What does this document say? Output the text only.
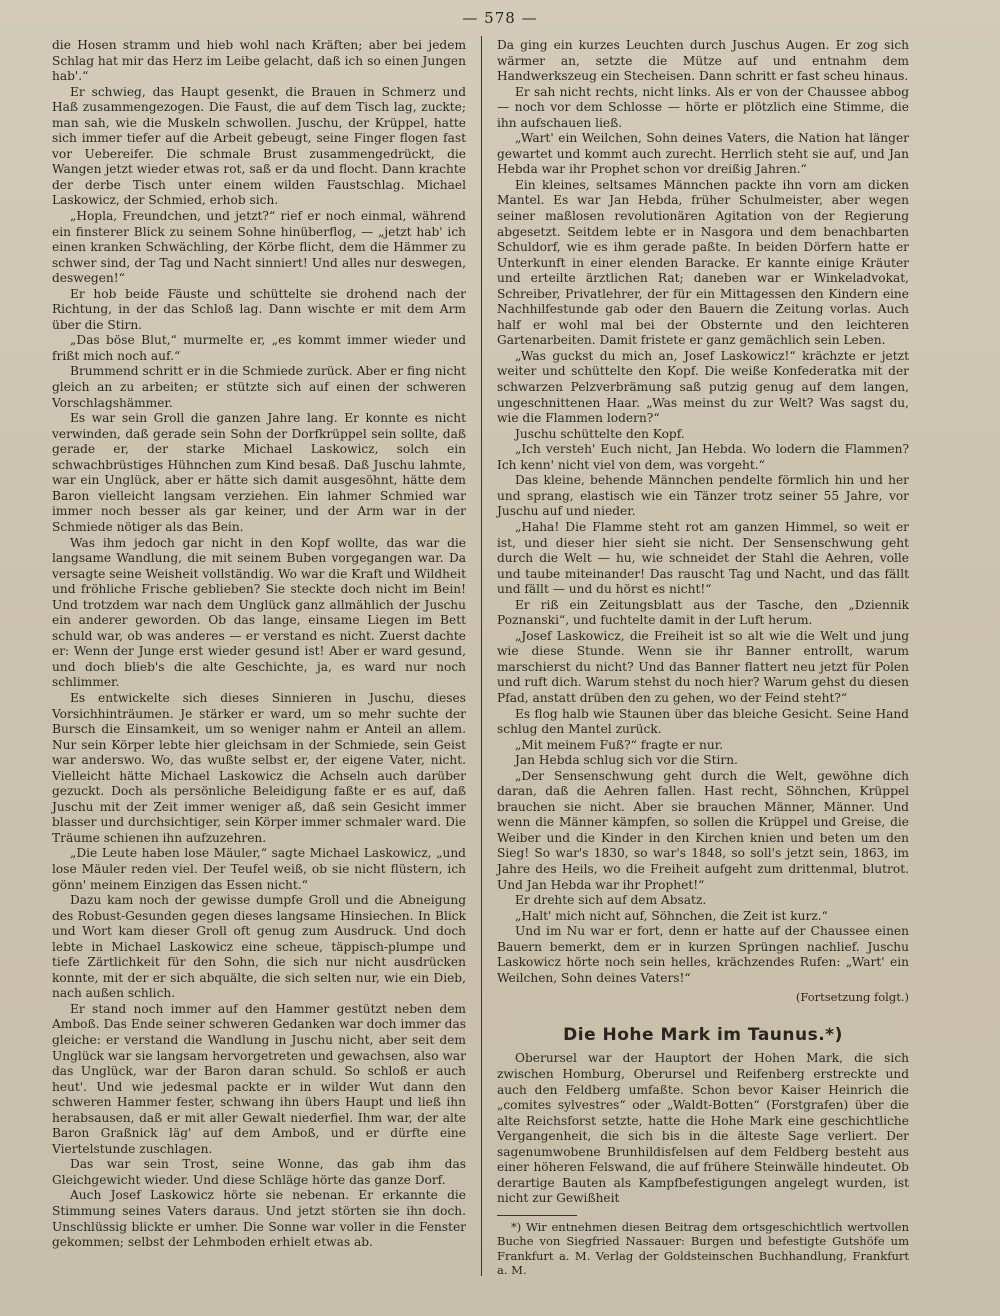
— 578 —

die Hosen stramm und hieb wohl nach Kräften; aber bei jedem Schlag hat mir das Herz im Leibe gelacht, daß ich so einen Jungen hab'.“

Er schwieg, das Haupt gesenkt, die Brauen in Schmerz und Haß zusammengezogen. Die Faust, die auf dem Tisch lag, zuckte; man sah, wie die Muskeln schwollen. Juschu, der Krüppel, hatte sich immer tiefer auf die Arbeit gebeugt, seine Finger flogen fast vor Uebereifer. Die schmale Brust zusammengedrückt, die Wangen jetzt wieder etwas rot, saß er da und flocht. Dann krachte der derbe Tisch unter einem wilden Faustschlag. Michael Laskowicz, der Schmied, erhob sich.

„Hopla, Freundchen, und jetzt?“ rief er noch einmal, während ein finsterer Blick zu seinem Sohne hinüberflog, — „jetzt hab' ich einen kranken Schwächling, der Körbe flicht, dem die Hämmer zu schwer sind, der Tag und Nacht sinniert! Und alles nur deswegen, deswegen!“

Er hob beide Fäuste und schüttelte sie drohend nach der Richtung, in der das Schloß lag. Dann wischte er mit dem Arm über die Stirn.

„Das böse Blut,“ murmelte er, „es kommt immer wieder und frißt mich noch auf.“

Brummend schritt er in die Schmiede zurück. Aber er fing nicht gleich an zu arbeiten; er stützte sich auf einen der schweren Vorschlagshämmer.

Es war sein Groll die ganzen Jahre lang. Er konnte es nicht verwinden, daß gerade sein Sohn der Dorfkrüppel sein sollte, daß gerade er, der starke Michael Laskowicz, solch ein schwachbrüstiges Hühnchen zum Kind besaß. Daß Juschu lahmte, war ein Unglück, aber er hätte sich damit ausgesöhnt, hätte dem Baron vielleicht langsam verziehen. Ein lahmer Schmied war immer noch besser als gar keiner, und der Arm war in der Schmiede nötiger als das Bein.

Was ihm jedoch gar nicht in den Kopf wollte, das war die langsame Wandlung, die mit seinem Buben vorgegangen war. Da versagte seine Weisheit vollständig. Wo war die Kraft und Wildheit und fröhliche Frische geblieben? Sie steckte doch nicht im Bein! Und trotzdem war nach dem Unglück ganz allmählich der Juschu ein anderer geworden. Ob das lange, einsame Liegen im Bett schuld war, ob was anderes — er verstand es nicht. Zuerst dachte er: Wenn der Junge erst wieder gesund ist! Aber er ward gesund, und doch blieb's die alte Geschichte, ja, es ward nur noch schlimmer.

Es entwickelte sich dieses Sinnieren in Juschu, dieses Vorsichhinträumen. Je stärker er ward, um so mehr suchte der Bursch die Einsamkeit, um so weniger nahm er Anteil an allem. Nur sein Körper lebte hier gleichsam in der Schmiede, sein Geist war anderswo. Wo, das wußte selbst er, der eigene Vater, nicht. Vielleicht hätte Michael Laskowicz die Achseln auch darüber gezuckt. Doch als persönliche Beleidigung faßte er es auf, daß Juschu mit der Zeit immer weniger aß, daß sein Gesicht immer blasser und durchsichtiger, sein Körper immer schmaler ward. Die Träume schienen ihn aufzuzehren.

„Die Leute haben lose Mäuler,“ sagte Michael Laskowicz, „und lose Mäuler reden viel. Der Teufel weiß, ob sie nicht flüstern, ich gönn' meinem Einzigen das Essen nicht.“

Dazu kam noch der gewisse dumpfe Groll und die Abneigung des Robust-Gesunden gegen dieses langsame Hinsiechen. In Blick und Wort kam dieser Groll oft genug zum Ausdruck. Und doch lebte in Michael Laskowicz eine scheue, täppisch-plumpe und tiefe Zärtlichkeit für den Sohn, die sich nur nicht ausdrücken konnte, mit der er sich abquälte, die sich selten nur, wie ein Dieb, nach außen schlich.

Er stand noch immer auf den Hammer gestützt neben dem Amboß. Das Ende seiner schweren Gedanken war doch immer das gleiche: er verstand die Wandlung in Juschu nicht, aber seit dem Unglück war sie langsam hervorgetreten und gewachsen, also war das Unglück, war der Baron daran schuld. So schloß er auch heut'. Und wie jedesmal packte er in wilder Wut dann den schweren Hammer fester, schwang ihn übers Haupt und ließ ihn herabsausen, daß er mit aller Gewalt niederfiel. Ihm war, der alte Baron Graßnick läg' auf dem Amboß, und er dürfte eine Viertelstunde zuschlagen.

Das war sein Trost, seine Wonne, das gab ihm das Gleichgewicht wieder. Und diese Schläge hörte das ganze Dorf.

Auch Josef Laskowicz hörte sie nebenan. Er erkannte die Stimmung seines Vaters daraus. Und jetzt störten sie ihn doch. Unschlüssig blickte er umher. Die Sonne war voller in die Fenster gekommen; selbst der Lehmboden erhielt etwas ab.

Da ging ein kurzes Leuchten durch Juschus Augen. Er zog sich wärmer an, setzte die Mütze auf und entnahm dem Handwerkszeug ein Stecheisen. Dann schritt er fast scheu hinaus.

Er sah nicht rechts, nicht links. Als er von der Chaussee abbog — noch vor dem Schlosse — hörte er plötzlich eine Stimme, die ihn aufschauen ließ.

„Wart' ein Weilchen, Sohn deines Vaters, die Nation hat länger gewartet und kommt auch zurecht. Herrlich steht sie auf, und Jan Hebda war ihr Prophet schon vor dreißig Jahren.“

Ein kleines, seltsames Männchen packte ihn vorn am dicken Mantel. Es war Jan Hebda, früher Schulmeister, aber wegen seiner maßlosen revolutionären Agitation von der Regierung abgesetzt. Seitdem lebte er in Nasgora und dem benachbarten Schuldorf, wie es ihm gerade paßte. In beiden Dörfern hatte er Unterkunft in einer elenden Baracke. Er kannte einige Kräuter und erteilte ärztlichen Rat; daneben war er Winkeladvokat, Schreiber, Privatlehrer, der für ein Mittagessen den Kindern eine Nachhilfestunde gab oder den Bauern die Zeitung vorlas. Auch half er wohl mal bei der Obsternte und den leichteren Gartenarbeiten. Damit fristete er ganz gemächlich sein Leben.

„Was guckst du mich an, Josef Laskowicz!“ krächzte er jetzt weiter und schüttelte den Kopf. Die weiße Konfederatka mit der schwarzen Pelzverbrämung saß putzig genug auf dem langen, ungeschnittenen Haar. „Was meinst du zur Welt? Was sagst du, wie die Flammen lodern?“

Juschu schüttelte den Kopf.

„Ich versteh' Euch nicht, Jan Hebda. Wo lodern die Flammen? Ich kenn' nicht viel von dem, was vorgeht.“

Das kleine, behende Männchen pendelte förmlich hin und her und sprang, elastisch wie ein Tänzer trotz seiner 55 Jahre, vor Juschu auf und nieder.

„Haha! Die Flamme steht rot am ganzen Himmel, so weit er ist, und dieser hier sieht sie nicht. Der Sensenschwung geht durch die Welt — hu, wie schneidet der Stahl die Aehren, volle und taube miteinander! Das rauscht Tag und Nacht, und das fällt und fällt — und du hörst es nicht!“

Er riß ein Zeitungsblatt aus der Tasche, den „Dziennik Poznanski“, und fuchtelte damit in der Luft herum.

„Josef Laskowicz, die Freiheit ist so alt wie die Welt und jung wie diese Stunde. Wenn sie ihr Banner entrollt, warum marschierst du nicht? Und das Banner flattert neu jetzt für Polen und ruft dich. Warum stehst du noch hier? Warum gehst du diesen Pfad, anstatt drüben den zu gehen, wo der Feind steht?“

Es flog halb wie Staunen über das bleiche Gesicht. Seine Hand schlug den Mantel zurück.

„Mit meinem Fuß?“ fragte er nur.

Jan Hebda schlug sich vor die Stirn.

„Der Sensenschwung geht durch die Welt, gewöhne dich daran, daß die Aehren fallen. Hast recht, Söhnchen, Krüppel brauchen sie nicht. Aber sie brauchen Männer, Männer. Und wenn die Männer kämpfen, so sollen die Krüppel und Greise, die Weiber und die Kinder in den Kirchen knien und beten um den Sieg! So war's 1830, so war's 1848, so soll's jetzt sein, 1863, im Jahre des Heils, wo die Freiheit aufgeht zum drittenmal, blutrot. Und Jan Hebda war ihr Prophet!“

Er drehte sich auf dem Absatz.

„Halt' mich nicht auf, Söhnchen, die Zeit ist kurz.“

Und im Nu war er fort, denn er hatte auf der Chaussee einen Bauern bemerkt, dem er in kurzen Sprüngen nachlief. Juschu Laskowicz hörte noch sein helles, krächzendes Rufen: „Wart' ein Weilchen, Sohn deines Vaters!“

(Fortsetzung folgt.)

Die Hohe Mark im Taunus.*)

Oberursel war der Hauptort der Hohen Mark, die sich zwischen Homburg, Oberursel und Reifenberg erstreckte und auch den Feldberg umfaßte. Schon bevor Kaiser Heinrich die „comites sylvestres“ oder „Waldt-Botten“ (Forstgrafen) über die alte Reichsforst setzte, hatte die Hohe Mark eine geschichtliche Vergangenheit, die sich bis in die älteste Sage verliert. Der sagenumwobene Brunhildisfelsen auf dem Feldberg besteht aus einer höheren Felswand, die auf frühere Steinwälle hindeutet. Ob derartige Bauten als Kampfbefestigungen angelegt wurden, ist nicht zur Gewißheit

*) Wir entnehmen diesen Beitrag dem ortsgeschichtlich wertvollen Buche von Siegfried Nassauer: Burgen und befestigte Gutshöfe um Frankfurt a. M. Verlag der Goldsteinschen Buchhandlung, Frankfurt a. M.
